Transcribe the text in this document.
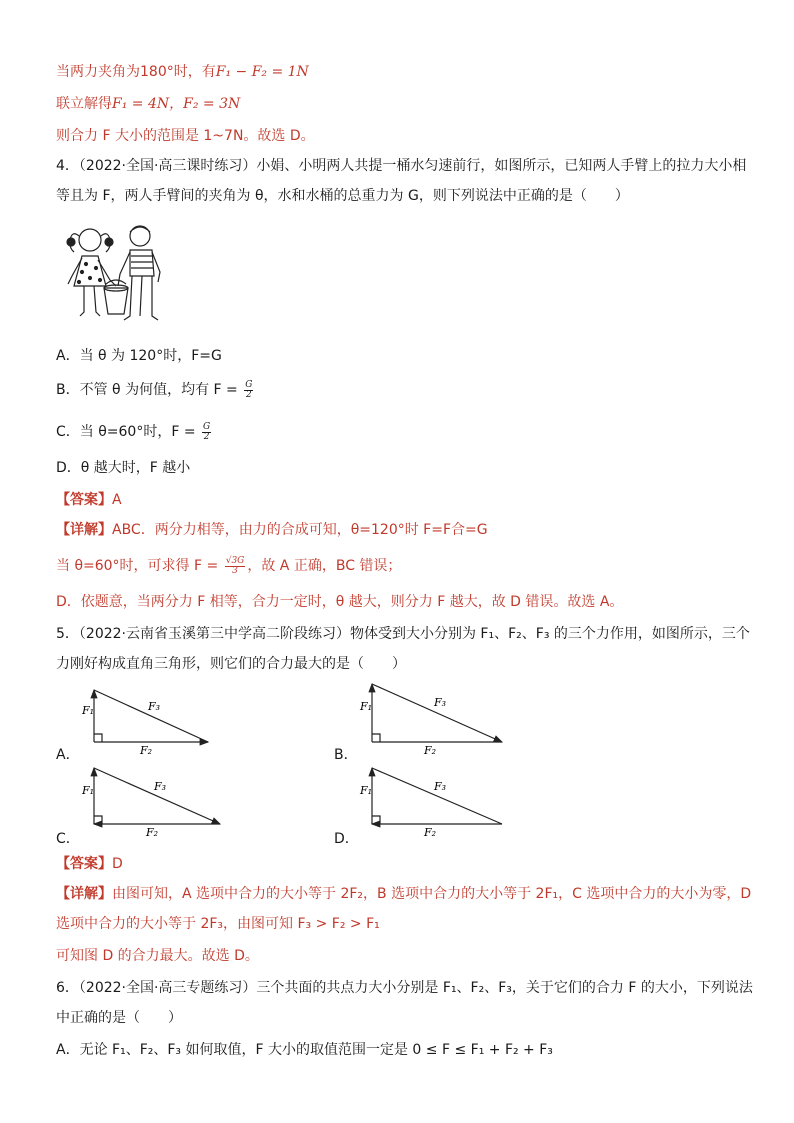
当两力夹角为180°时，有F₁ − F₂ = 1N
联立解得F₁ = 4N，F₂ = 3N
则合力 F 大小的范围是 1~7N。故选 D。
4．（2022·全国·高三课时练习）小娟、小明两人共提一桶水匀速前行，如图所示，已知两人手臂上的拉力大小相
等且为 F，两人手臂间的夹角为 θ，水和水桶的总重力为 G，则下列说法中正确的是（　　）
A．当 θ 为 120°时，F=G
B．不管 θ 为何值，均有 $F = \frac{G}{2}$
C．当 θ=60°时，$F = \frac{G}{2}$
D．θ 越大时，F 越小
【答案】A
【详解】ABC．两分力相等，由力的合成可知，θ=120°时 F=F合=G
当 θ=60°时，可求得 $F = \frac{√3G}{3}$ ，故 A 正确，BC 错误；
D．依题意，当两分力 F 相等，合力一定时，θ 越大，则分力 F 越大，故 D 错误。故选 A。
5．（2022·云南省玉溪第三中学高二阶段练习）物体受到大小分别为 F₁、F₂、F₃ 的三个力作用，如图所示，三个
力刚好构成直角三角形，则它们的合力最大的是（　　）
A．
F₁	F₃
F₂	B．
F₁	F₃
F₂
C．
F₁	F₃
F₂	D．
F₁	F₃
F₂
【答案】D
【详解】由图可知，A 选项中合力的大小等于 2F₂，B 选项中合力的大小等于 2F₁，C 选项中合力的大小为零，D
选项中合力的大小等于 2F₃，由图可知 F₃ > F₂ > F₁
可知图 D 的合力最大。故选 D。
6．（2022·全国·高三专题练习）三个共面的共点力大小分别是 F₁、F₂、F₃，关于它们的合力 F 的大小，下列说法
中正确的是（　　）
A．无论 F₁、F₂、F₃ 如何取值，F 大小的取值范围一定是 0 ≤ F ≤ F₁ + F₂ + F₃
